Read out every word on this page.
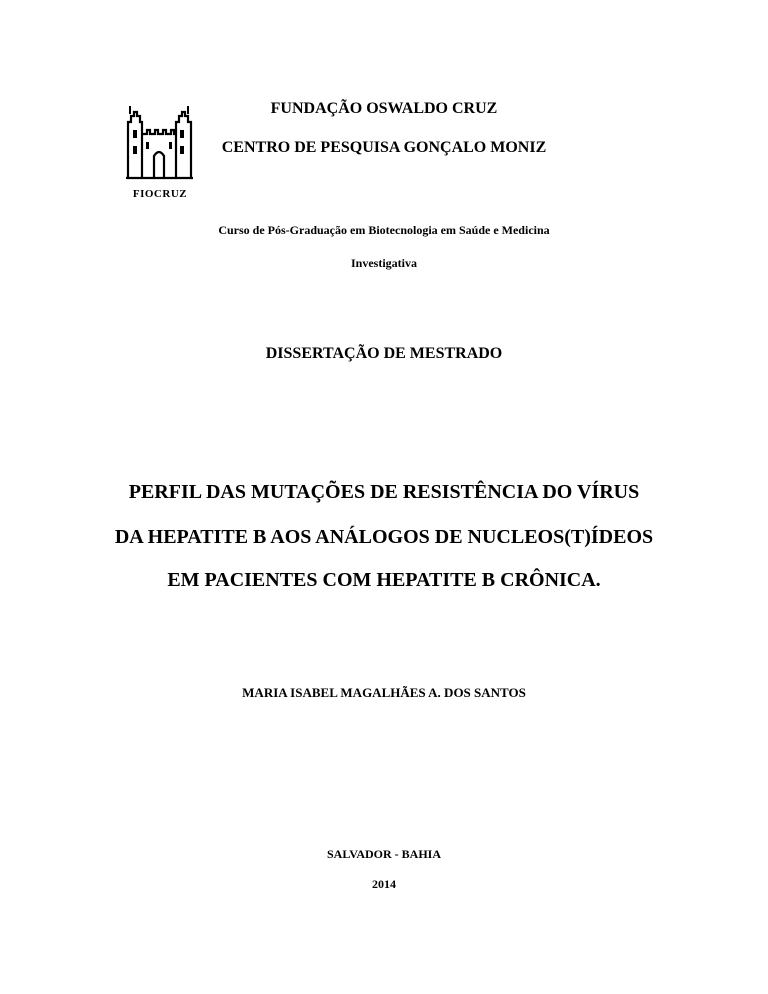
FIOCRUZ
FUNDAÇÃO OSWALDO CRUZ
CENTRO DE PESQUISA GONÇALO MONIZ
Curso de Pós-Graduação em Biotecnologia em Saúde e Medicina
Investigativa
DISSERTAÇÃO DE MESTRADO
PERFIL DAS MUTAÇÕES DE RESISTÊNCIA DO VÍRUS
DA HEPATITE B AOS ANÁLOGOS DE NUCLEOS(T)ÍDEOS
EM PACIENTES COM HEPATITE B CRÔNICA.
MARIA ISABEL MAGALHÃES A. DOS SANTOS
SALVADOR - BAHIA
2014
